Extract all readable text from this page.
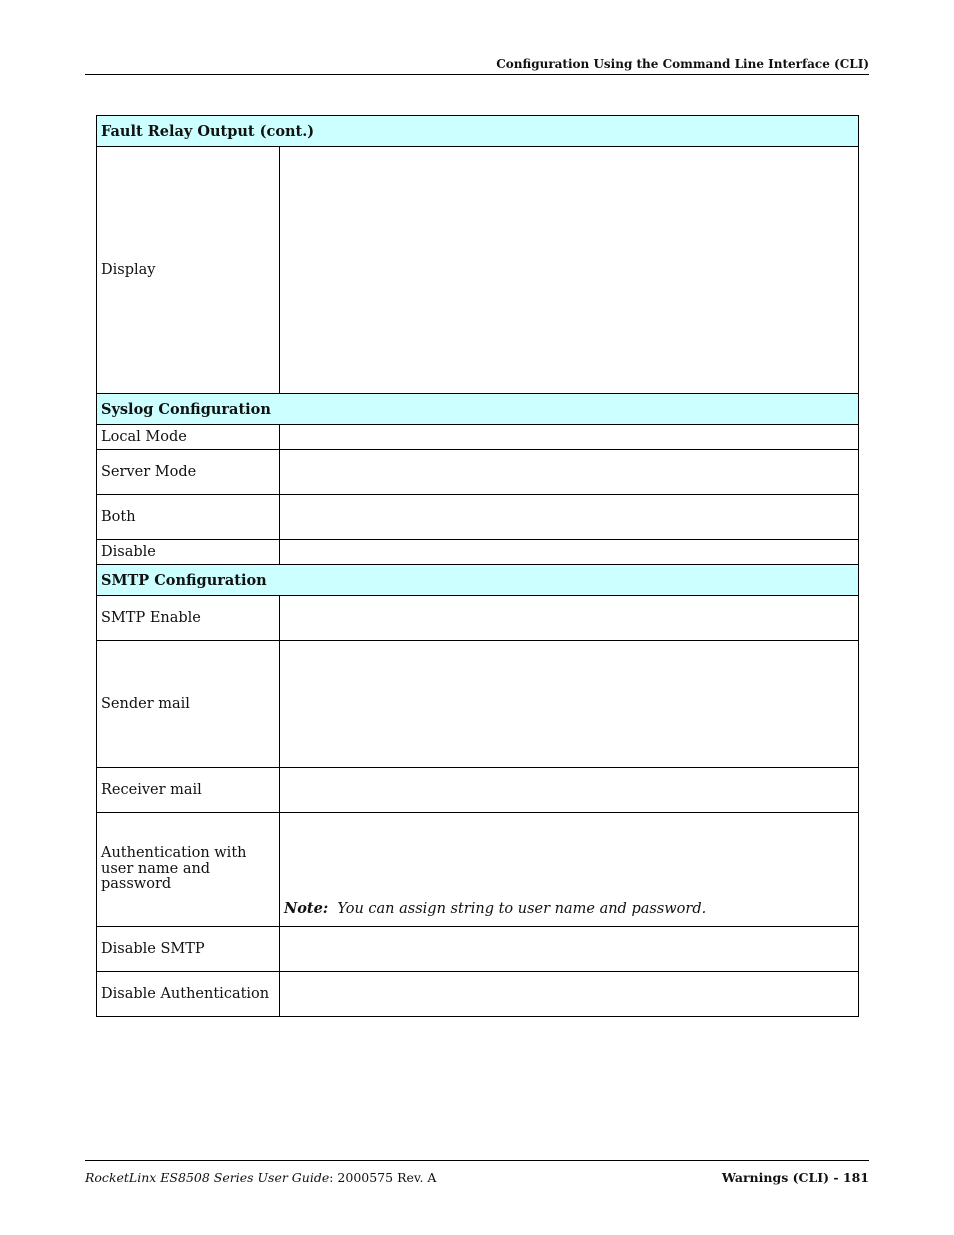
Configuration Using the Command Line Interface (CLI)
Fault Relay Output (cont.)	
Display	
Syslog Configuration	
Local Mode	
Server Mode	
Both	
Disable	
SMTP Configuration	
SMTP Enable	
Sender mail	
Receiver mail	

Authentication with user name and password	Note: You can assign string to user name and password.

Disable SMTP	
Disable Authentication	
RocketLinx ES8508 Series User Guide: 2000575 Rev. A	Warnings (CLI) - 181
